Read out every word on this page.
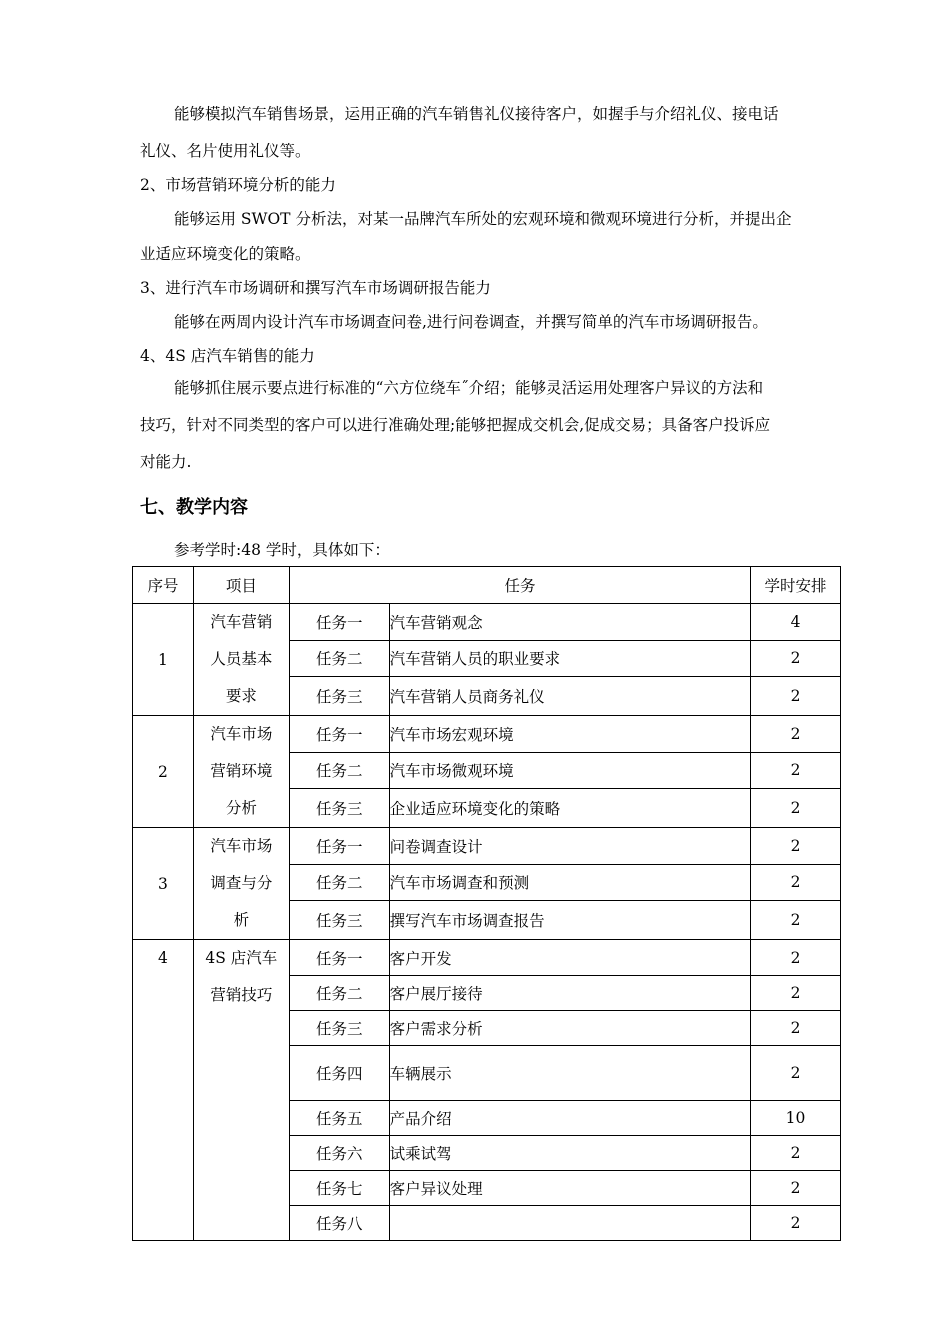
能够模拟汽车销售场景，运用正确的汽车销售礼仪接待客户，如握手与介绍礼仪、接电话
礼仪、名片使用礼仪等。
2、市场营销环境分析的能力
能够运用 SWOT 分析法，对某一品牌汽车所处的宏观环境和微观环境进行分析，并提出企
业适应环境变化的策略。
3、进行汽车市场调研和撰写汽车市场调研报告能力
能够在两周内设计汽车市场调查问卷,进行问卷调查，并撰写简单的汽车市场调研报告。
4、4S 店汽车销售的能力
能够抓住展示要点进行标准的“六方位绕车˝介绍；能够灵活运用处理客户异议的方法和
技巧，针对不同类型的客户可以进行准确处理;能够把握成交机会,促成交易；具备客户投诉应
对能力.
七、教学内容
参考学时:48 学时，具体如下：
序号	项目	任务		学时安排
1	汽车营销
人员基本
要求	任务一	汽车营销观念	4
		任务二	汽车营销人员的职业要求	2
		任务三	汽车营销人员商务礼仪	2
2	汽车市场
营销环境
分析	任务一	汽车市场宏观环境	2
		任务二	汽车市场微观环境	2
		任务三	企业适应环境变化的策略	2
3	汽车市场
调查与分
析	任务一	问卷调查设计	2
		任务二	汽车市场调查和预测	2
		任务三	撰写汽车市场调查报告	2
4	4S 店汽车
营销技巧	任务一	客户开发	2
		任务二	客户展厅接待	2
		任务三	客户需求分析	2
		任务四	车辆展示	2
		任务五	产品介绍	10
		任务六	试乘试驾	2
		任务七	客户异议处理	2
		任务八		2
